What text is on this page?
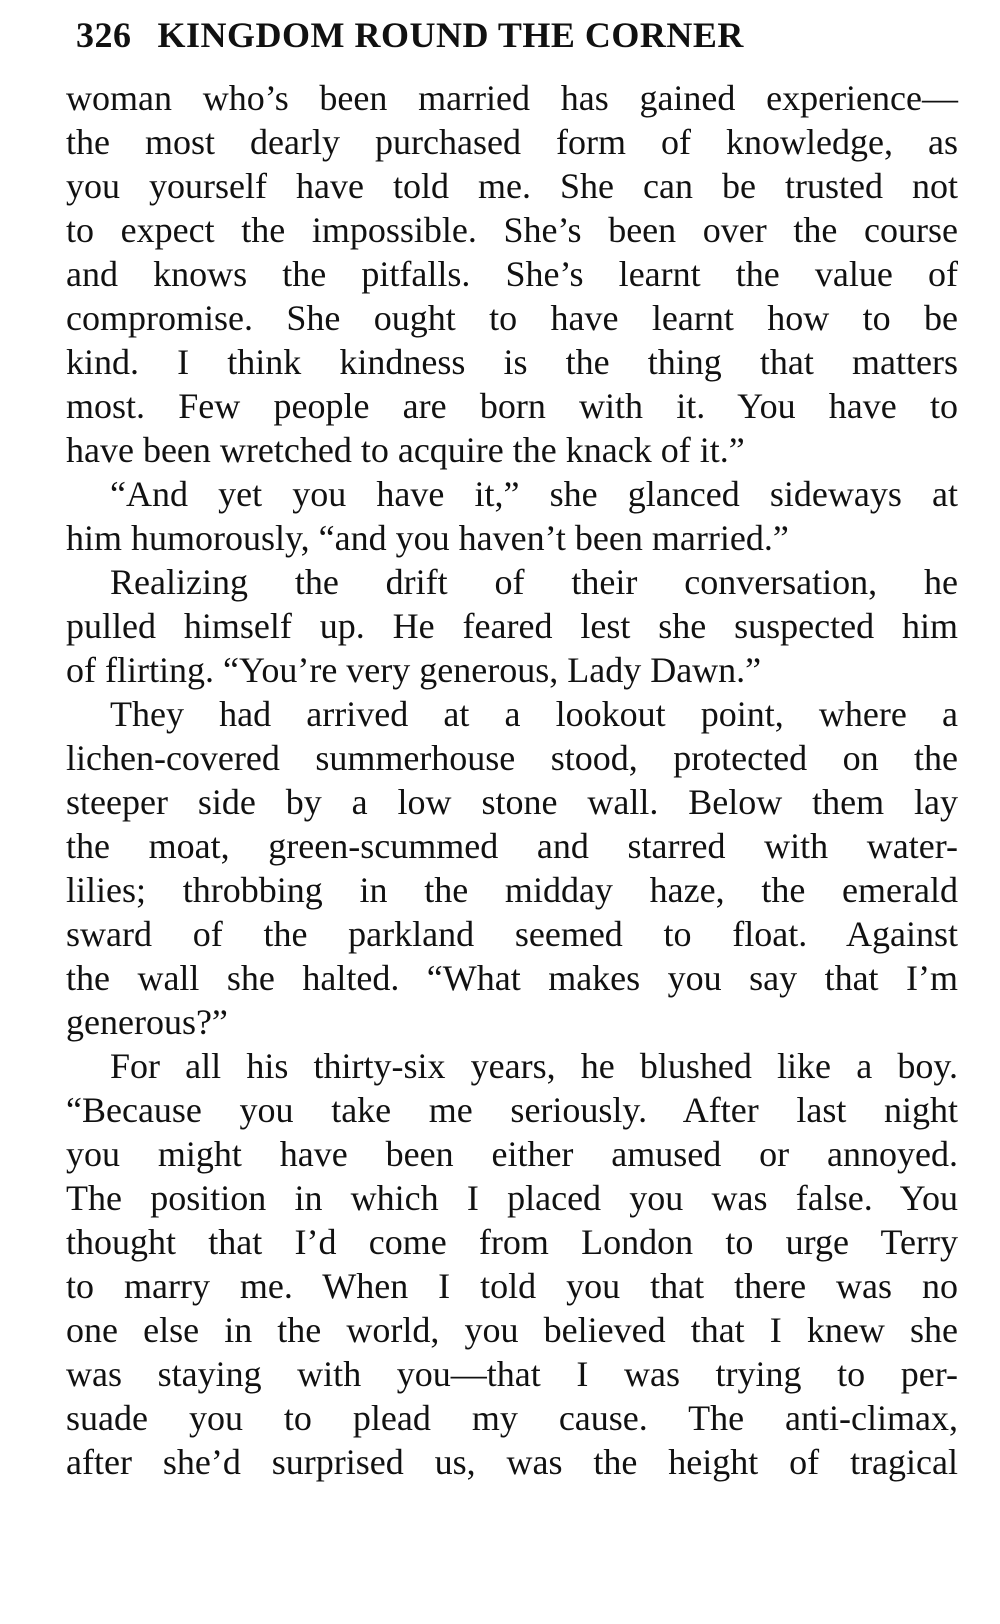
326 KINGDOM ROUND THE CORNER
woman who’s been married has gained experience—
the most dearly purchased form of knowledge, as
you yourself have told me. She can be trusted not
to expect the impossible. She’s been over the course
and knows the pitfalls. She’s learnt the value of
compromise. She ought to have learnt how to be
kind. I think kindness is the thing that matters
most. Few people are born with it. You have to
have been wretched to acquire the knack of it.”
“And yet you have it,” she glanced sideways at
him humorously, “and you haven’t been married.”
Realizing the drift of their conversation, he
pulled himself up. He feared lest she suspected him
of flirting. “You’re very generous, Lady Dawn.”
They had arrived at a lookout point, where a
lichen-covered summerhouse stood, protected on the
steeper side by a low stone wall. Below them lay
the moat, green-scummed and starred with water-
lilies; throbbing in the midday haze, the emerald
sward of the parkland seemed to float. Against
the wall she halted. “What makes you say that I’m
generous?”
For all his thirty-six years, he blushed like a boy.
“Because you take me seriously. After last night
you might have been either amused or annoyed.
The position in which I placed you was false. You
thought that I’d come from London to urge Terry
to marry me. When I told you that there was no
one else in the world, you believed that I knew she
was staying with you—that I was trying to per-
suade you to plead my cause. The anti-climax,
after she’d surprised us, was the height of tragical
